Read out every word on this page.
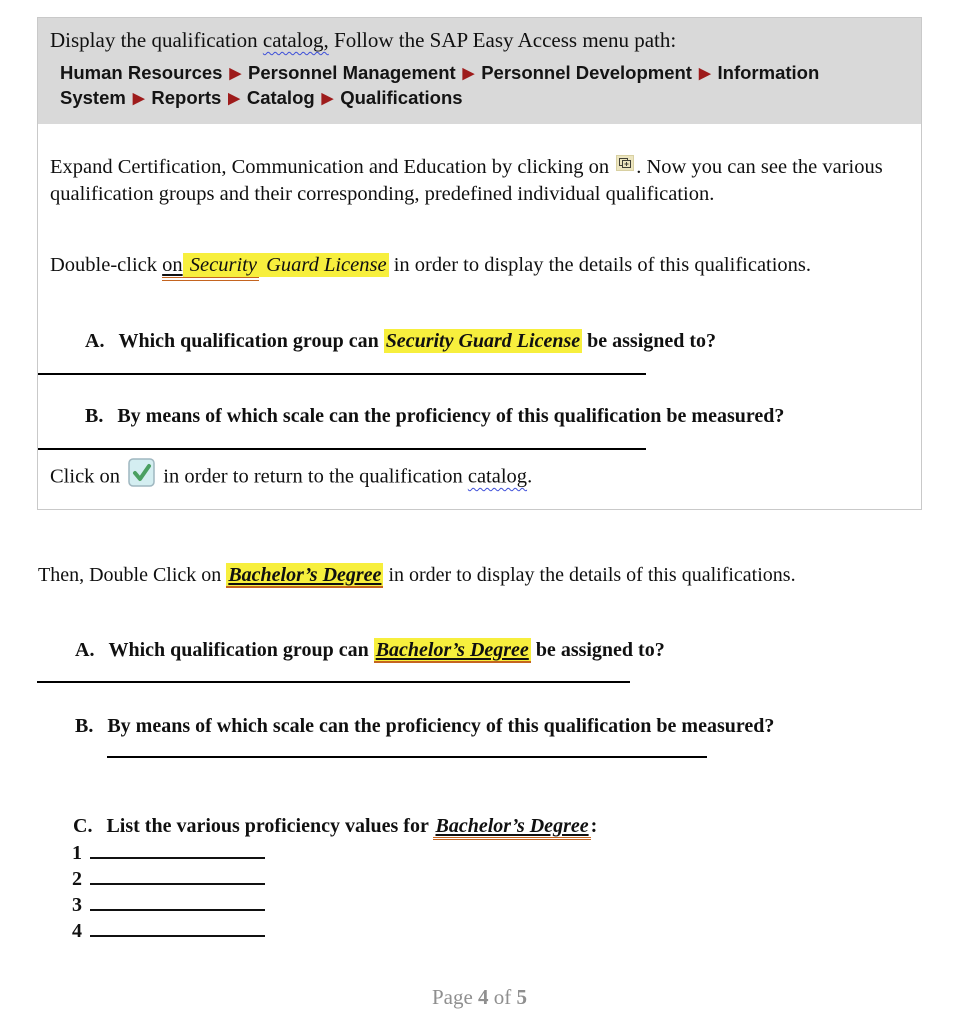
Display the qualification catalog, Follow the SAP Easy Access menu path:

Human Resources ▶ Personnel Management ▶ Personnel Development ▶ Information System ▶ Reports ▶ Catalog ▶ Qualifications

Expand Certification, Communication and Education by clicking on . Now you can see the various qualification groups and their corresponding, predefined individual qualification.

Double-click on Security Guard License in order to display the details of this qualifications.

A. Which qualification group can Security Guard License be assigned to?

B. By means of which scale can the proficiency of this qualification be measured?

Click on  in order to return to the qualification catalog.

Then, Double Click on Bachelor’s Degree in order to display the details of this qualifications.

A. Which qualification group can Bachelor’s Degree be assigned to?

B. By means of which scale can the proficiency of this qualification be measured?

C. List the various proficiency values for Bachelor’s Degree :

1
2
3
4

Page 4 of 5
